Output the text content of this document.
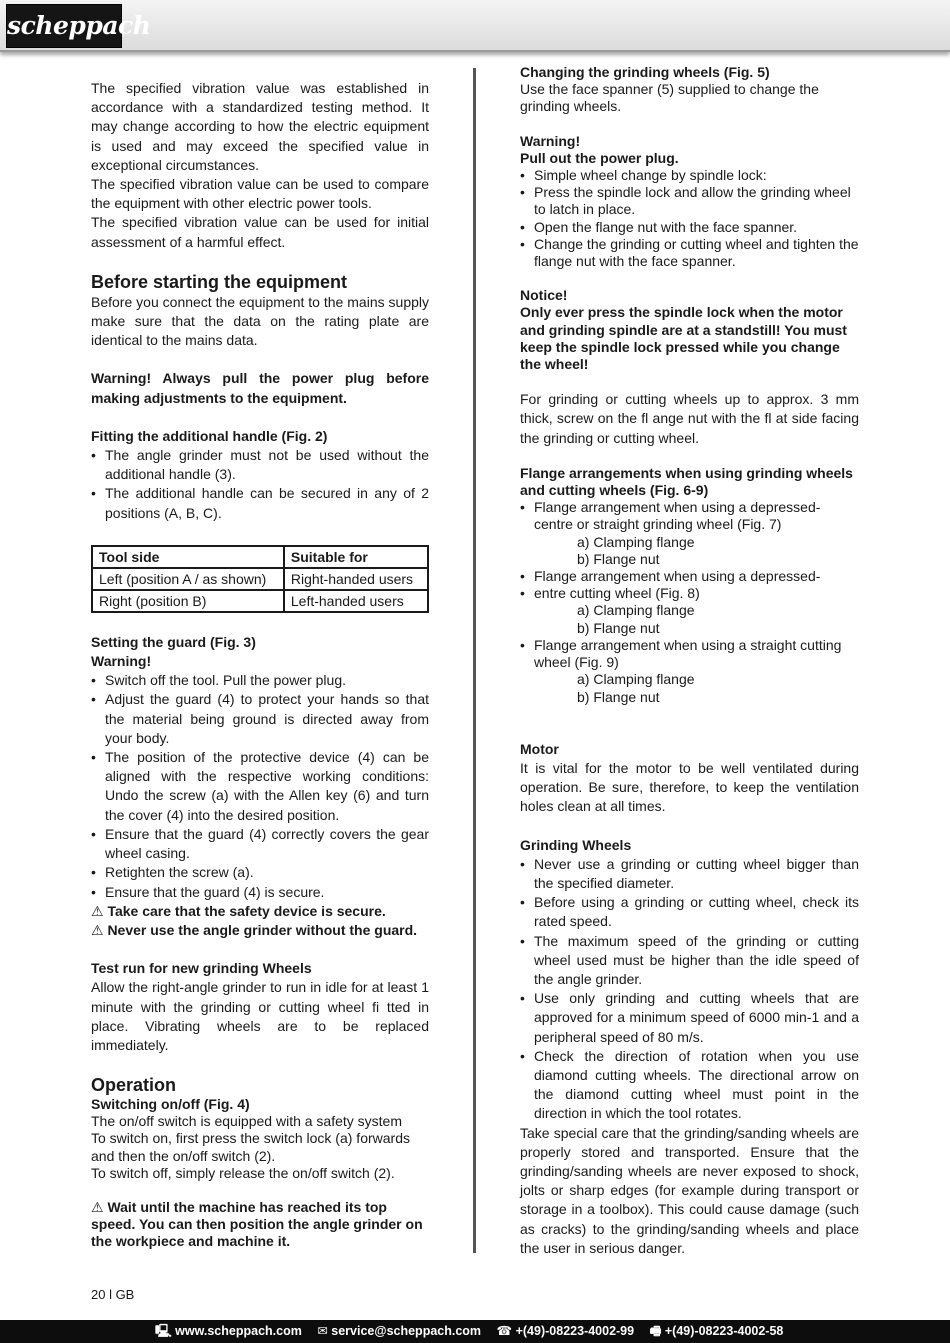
scheppach

The specified vibration value was established in accordance with a standardized testing method. It may change according to how the electric equipment is used and may exceed the specified value in exceptional circumstances.

The specified vibration value can be used to compare the equipment with other electric power tools.

The specified vibration value can be used for initial assessment of a harmful effect.

Before starting the equipment

Before you connect the equipment to the mains supply make sure that the data on the rating plate are identical to the mains data.

Warning! Always pull the power plug before making adjustments to the equipment.

Fitting the additional handle (Fig. 2)

• The angle grinder must not be used without the additional handle (3).
• The additional handle can be secured in any of 2 positions (A, B, C).
Tool side	Suitable for
Left (position A / as shown)	Right-handed users
Right (position B)	Left-handed users

Setting the guard (Fig. 3)

Warning!

• Switch off the tool. Pull the power plug.
• Adjust the guard (4) to protect your hands so that the material being ground is directed away from your body.
• The position of the protective device (4) can be aligned with the respective working conditions: Undo the screw (a) with the Allen key (6) and turn the cover (4) into the desired position.
• Ensure that the guard (4) correctly covers the gear wheel casing.
• Retighten the screw (a).
• Ensure that the guard (4) is secure.

⚠ Take care that the safety device is secure.

⚠ Never use the angle grinder without the guard.

Test run for new grinding Wheels

Allow the right-angle grinder to run in idle for at least 1 minute with the grinding or cutting wheel fi tted in place. Vibrating wheels are to be replaced immediately.

Operation

Switching on/off (Fig. 4)

The on/off switch is equipped with a safety system

To switch on, first press the switch lock (a) forwards and then the on/off switch (2).

To switch off, simply release the on/off switch (2).

⚠ Wait until the machine has reached its top speed. You can then position the angle grinder on the workpiece and machine it.

Changing the grinding wheels (Fig. 5)

Use the face spanner (5) supplied to change the grinding wheels.

Warning!

Pull out the power plug.

• Simple wheel change by spindle lock:
• Press the spindle lock and allow the grinding wheel to latch in place.
• Open the flange nut with the face spanner.
• Change the grinding or cutting wheel and tighten the flange nut with the face spanner.

Notice!

Only ever press the spindle lock when the motor and grinding spindle are at a standstill! You must keep the spindle lock pressed while you change the wheel!

For grinding or cutting wheels up to approx. 3 mm thick, screw on the fl ange nut with the fl at side facing the grinding or cutting wheel.

Flange arrangements when using grinding wheels and cutting wheels (Fig. 6-9)

• Flange arrangement when using a depressed-centre or straight grinding wheel (Fig. 7)

a) Clamping flange

b) Flange nut

• Flange arrangement when using a depressed-
• entre cutting wheel (Fig. 8)

a) Clamping flange

b) Flange nut

• Flange arrangement when using a straight cutting wheel (Fig. 9)

a) Clamping flange

b) Flange nut

Motor

It is vital for the motor to be well ventilated during operation. Be sure, therefore, to keep the ventilation holes clean at all times.

Grinding Wheels

• Never use a grinding or cutting wheel bigger than the specified diameter.
• Before using a grinding or cutting wheel, check its rated speed.
• The maximum speed of the grinding or cutting wheel used must be higher than the idle speed of the angle grinder.
• Use only grinding and cutting wheels that are approved for a minimum speed of 6000 min-1 and a peripheral speed of 80 m/s.
• Check the direction of rotation when you use diamond cutting wheels. The directional arrow on the diamond cutting wheel must point in the direction in which the tool rotates.

Take special care that the grinding/sanding wheels are properly stored and transported. Ensure that the grinding/sanding wheels are never exposed to shock, jolts or sharp edges (for example during transport or storage in a toolbox). This could cause damage (such as cracks) to the grinding/sanding wheels and place the user in serious danger.

20 l GB
🖳 www.scheppach.com ✉ service@scheppach.com ☎ +(49)-08223-4002-99 🖷 +(49)-08223-4002-58
